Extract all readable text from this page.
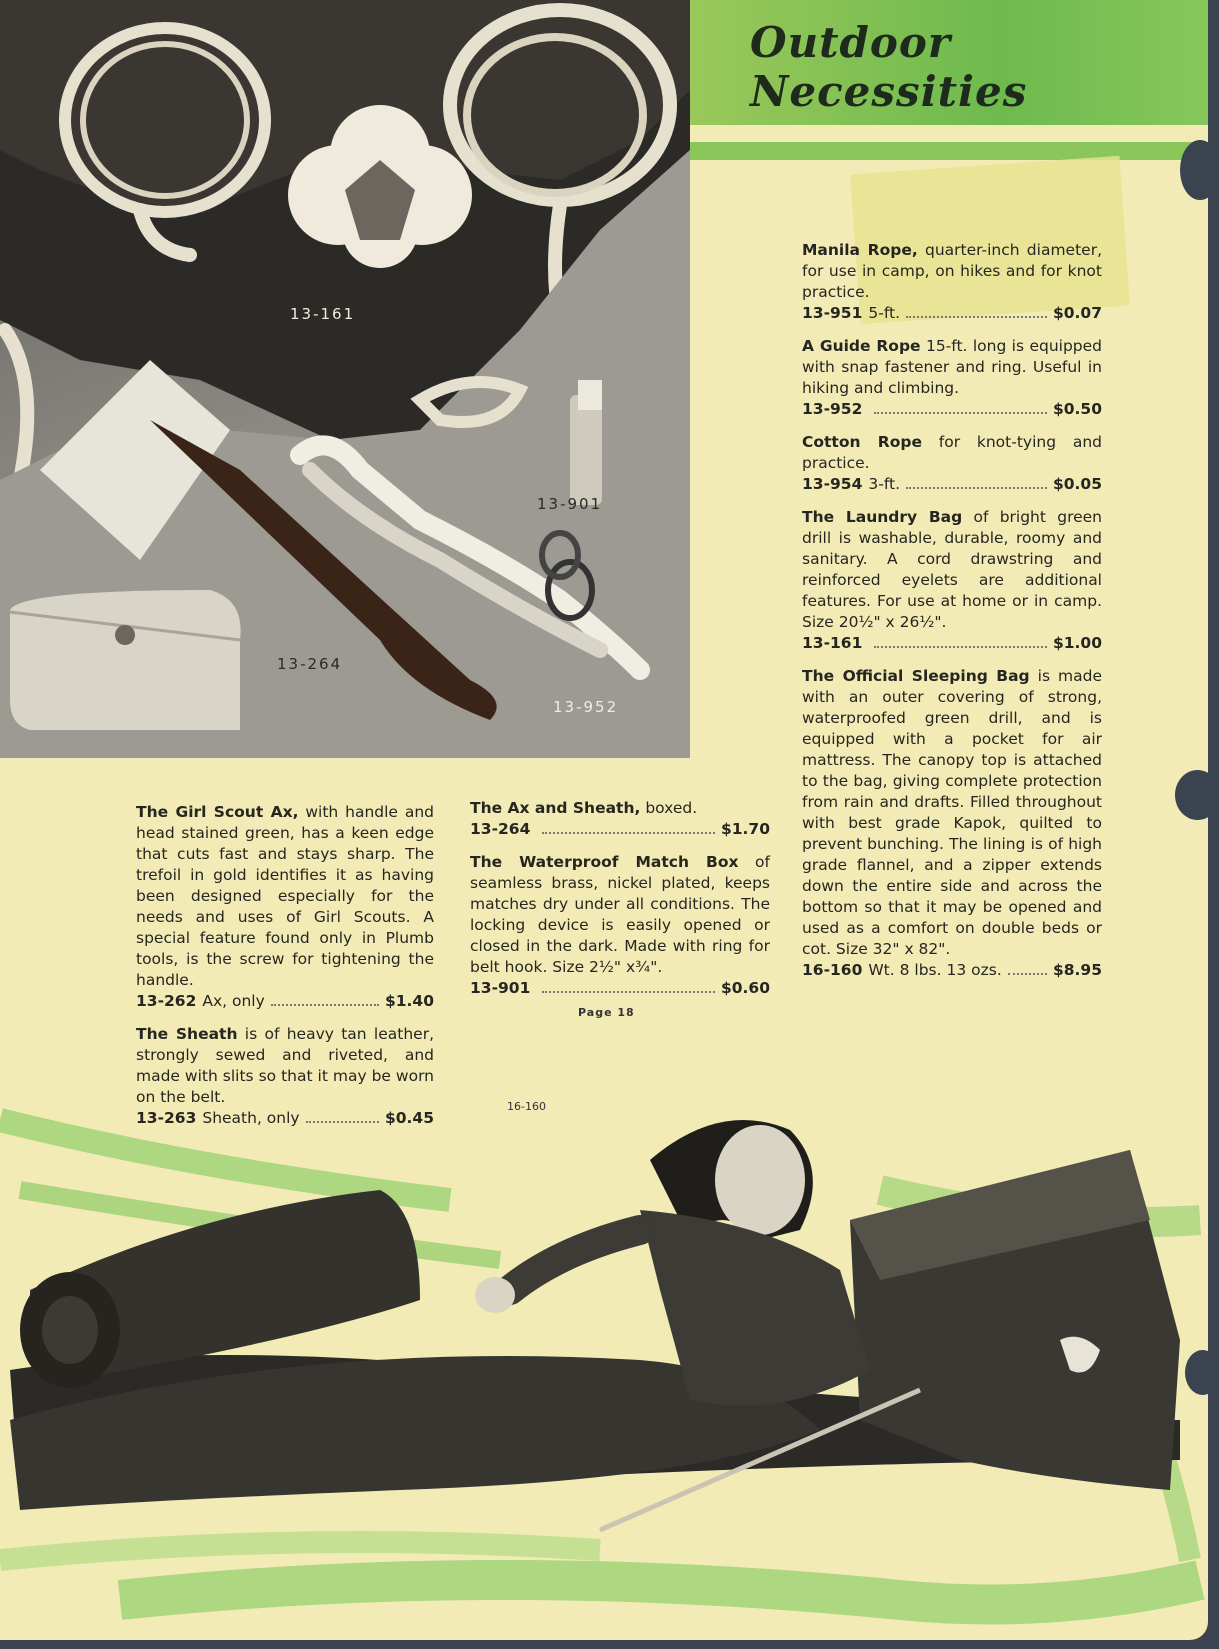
13-161
13-901
13-264
13-952
Outdoor Necessities

Manila Rope, quarter-inch diameter, for use in camp, on hikes and for knot practice.
13-951 5-ft.	$0.07

A Guide Rope 15-ft. long is equipped with snap fastener and ring. Useful in hiking and climbing.
13-952	$0.50

Cotton Rope for knot-tying and practice.
13-954 3-ft.	$0.05

The Laundry Bag of bright green drill is washable, durable, roomy and sanitary. A cord drawstring and reinforced eyelets are additional features. For use at home or in camp. Size 20½" x 26½".
13-161	$1.00

The Official Sleeping Bag is made with an outer covering of strong, waterproofed green drill, and is equipped with a pocket for air mattress. The canopy top is attached to the bag, giving complete protection from rain and drafts. Filled throughout with best grade Kapok, quilted to prevent bunching. The lining is of high grade flannel, and a zipper extends down the entire side and across the bottom so that it may be opened and used as a comfort on double beds or cot. Size 32" x 82".
16-160 Wt. 8 lbs. 13 ozs.	$8.95

The Girl Scout Ax, with handle and head stained green, has a keen edge that cuts fast and stays sharp. The trefoil in gold identifies it as having been designed especially for the needs and uses of Girl Scouts. A special feature found only in Plumb tools, is the screw for tightening the handle.
13-262 Ax, only	$1.40

The Sheath is of heavy tan leather, strongly sewed and riveted, and made with slits so that it may be worn on the belt.
13-263 Sheath, only	$0.45

The Ax and Sheath, boxed.
13-264	$1.70

The Waterproof Match Box of seamless brass, nickel plated, keeps matches dry under all conditions. The locking device is easily opened or closed in the dark. Made with ring for belt hook. Size 2½" x¾".
13-901	$0.60

Page 18
16-160
